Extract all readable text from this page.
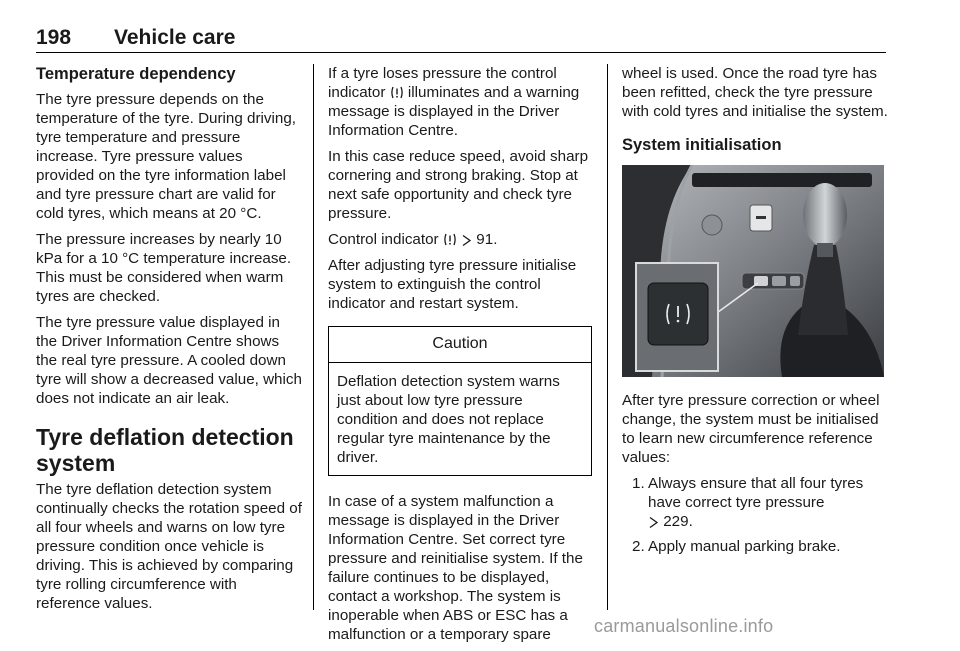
198 Vehicle care
Temperature dependency

The tyre pressure depends on the temperature of the tyre. During driving, tyre temperature and pressure increase. Tyre pressure values provided on the tyre information label and tyre pressure chart are valid for cold tyres, which means at 20 °C.

The pressure increases by nearly 10 kPa for a 10 °C temperature increase. This must be considered when warm tyres are checked.

The tyre pressure value displayed in the Driver Information Centre shows the real tyre pressure. A cooled down tyre will show a decreased value, which does not indicate an air leak.

Tyre deflation detection system

The tyre deflation detection system continually checks the rotation speed of all four wheels and warns on low tyre pressure condition once vehicle is driving. This is achieved by comparing tyre rolling circumference with reference values.

If a tyre loses pressure the control indicator illuminates and a warning message is displayed in the Driver Information Centre.

In this case reduce speed, avoid sharp cornering and strong braking. Stop at next safe opportunity and check tyre pressure.

Control indicator 91.

After adjusting tyre pressure initialise system to extinguish the control indicator and restart system.

Caution
Deflation detection system warns just about low tyre pressure condition and does not replace regular tyre maintenance by the driver.

In case of a system malfunction a message is displayed in the Driver Information Centre. Set correct tyre pressure and reinitialise system. If the failure continues to be displayed, contact a workshop. The system is inoperable when ABS or ESC has a malfunction or a temporary spare

wheel is used. Once the road tyre has been refitted, check the tyre pressure with cold tyres and initialise the system.

System initialisation

After tyre pressure correction or wheel change, the system must be initialised to learn new circumference reference values:

1. Always ensure that all four tyres have correct tyre pressure
229.
2. Apply manual parking brake.
carmanualsonline.info
